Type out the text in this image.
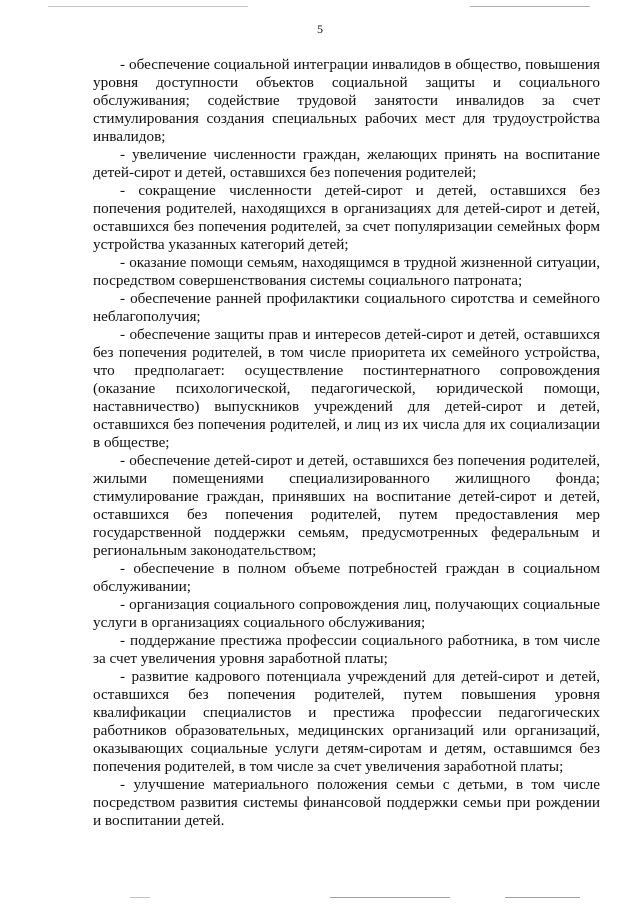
5

- обеспечение социальной интеграции инвалидов в общество, повышения уровня доступности объектов социальной защиты и социального обслуживания; содействие трудовой занятости инвалидов за счет стимулирования создания специальных рабочих мест для трудоустройства инвалидов;

- увеличение численности граждан, желающих принять на воспитание детей-сирот и детей, оставшихся без попечения родителей;

- сокращение численности детей-сирот и детей, оставшихся без попечения родителей, находящихся в организациях для детей-сирот и детей, оставшихся без попечения родителей, за счет популяризации семейных форм устройства указанных категорий детей;

- оказание помощи семьям, находящимся в трудной жизненной ситуации, посредством совершенствования системы социального патроната;

- обеспечение ранней профилактики социального сиротства и семейного неблагополучия;

- обеспечение защиты прав и интересов детей-сирот и детей, оставшихся без попечения родителей, в том числе приоритета их семейного устройства, что предполагает: осуществление постинтернатного сопровождения (оказание психологической, педагогической, юридической помощи, наставничество) выпускников учреждений для детей-сирот и детей, оставшихся без попечения родителей, и лиц из их числа для их социализации в обществе;

- обеспечение детей-сирот и детей, оставшихся без попечения родителей, жилыми помещениями специализированного жилищного фонда; стимулирование граждан, принявших на воспитание детей-сирот и детей, оставшихся без попечения родителей, путем предоставления мер государственной поддержки семьям, предусмотренных федеральным и региональным законодательством;

- обеспечение в полном объеме потребностей граждан в социальном обслуживании;

- организация социального сопровождения лиц, получающих социальные услуги в организациях социального обслуживания;

- поддержание престижа профессии социального работника, в том числе за счет увеличения уровня заработной платы;

- развитие кадрового потенциала учреждений для детей-сирот и детей, оставшихся без попечения родителей, путем повышения уровня квалификации специалистов и престижа профессии педагогических работников образовательных, медицинских организаций или организаций, оказывающих социальные услуги детям-сиротам и детям, оставшимся без попечения родителей, в том числе за счет увеличения заработной платы;

- улучшение материального положения семьи с детьми, в том числе посредством развития системы финансовой поддержки семьи при рождении и воспитании детей.
